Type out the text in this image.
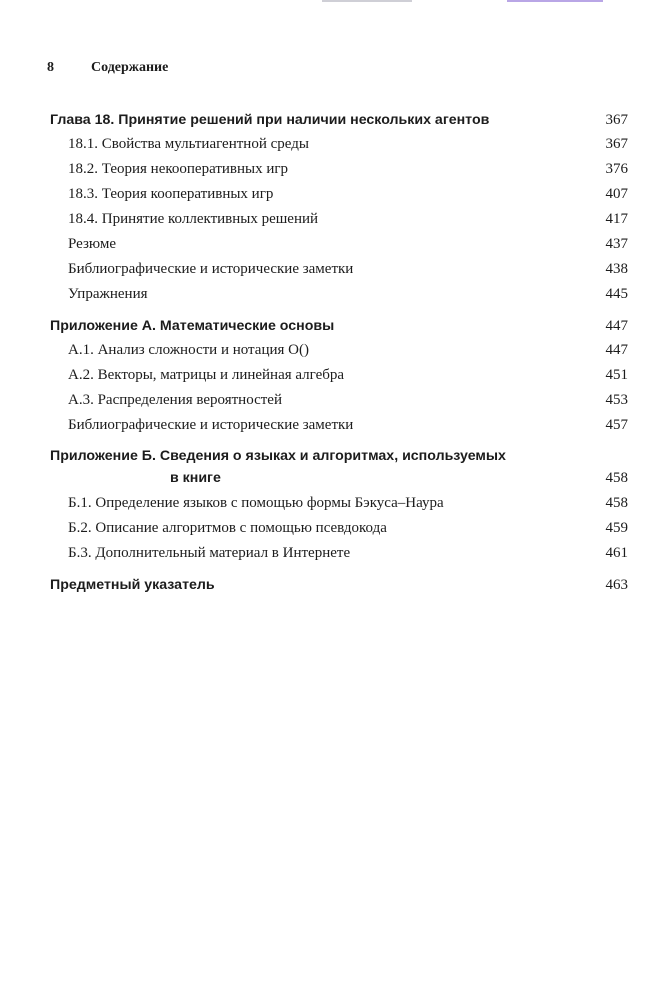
8	Содержание
Глава 18. Принятие решений при наличии нескольких агентов	367
18.1. Свойства мультиагентной среды	367
18.2. Теория некооперативных игр	376
18.3. Теория кооперативных игр	407
18.4. Принятие коллективных решений	417
Резюме	437
Библиографические и исторические заметки	438
Упражнения	445
Приложение А. Математические основы	447
А.1. Анализ сложности и нотация O()	447
А.2. Векторы, матрицы и линейная алгебра	451
А.3. Распределения вероятностей	453
Библиографические и исторические заметки	457
Приложение Б. Сведения о языках и алгоритмах, используемых
в книге	458
Б.1. Определение языков с помощью формы Бэкуса–Наура	458
Б.2. Описание алгоритмов с помощью псевдокода	459
Б.3. Дополнительный материал в Интернете	461
Предметный указатель	463
